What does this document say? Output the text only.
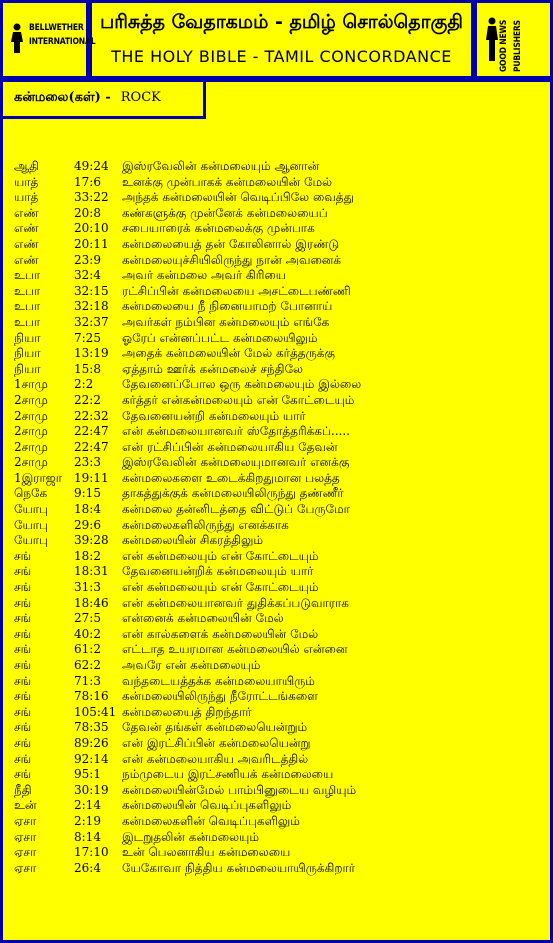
BELLWETHER
INTERNATIONAL
பரிசுத்த வேதாகமம் - தமிழ் சொல்தொகுதி
THE HOLY BIBLE - TAMIL CONCORDANCE	GOOD NEWS PUBLISHERS
கன்மலை(கள்) - ROCK
ஆதி	49:24	இஸ்ரவேலின் கன்மலையும் ஆனான்
யாத்	17:6	உனக்கு முன்பாகக் கன்மலையின் மேல்
யாத்	33:22	அந்தக் கன்மலையின் வெடிப்பிலே வைத்து
எண்	20:8	கண்களுக்கு முன்னேக் கன்மலையைப்
எண்	20:10	சபையாரைக் கன்மலைக்கு முன்பாக
எண்	20:11	கன்மலையைத் தன் கோலினால் இரண்டு
எண்	23:9	கன்மலையுச்சியிலிருந்து நான் அவனைக்
உபா	32:4	அவர் கன்மலை அவர் கிரியை
உபா	32:15	ரட்சிப்பின் கன்மலையை அசட்டைபண்ணி
உபா	32:18	கன்மலையை நீ நினையாமற் போனாய்
உபா	32:37	அவர்கள் நம்பின கன்மலையும் எங்கே
நியா	7:25	ஓரேப் என்னப்பட்ட கன்மலையிலும்
நியா	13:19	அதைக் கன்மலையின் மேல் கர்த்தருக்கு
நியா	15:8	ஏத்தாம் ஊர்க் கன்மலைச் சந்திலே
1சாமு	2:2	தேவனைப்போல ஒரு கன்மலையும் இல்லை
2சாமு	22:2	கர்த்தர் என்கன்மலையும் என் கோட்டையும்
2சாமு	22:32	தேவனையன்றி கன்மலையும் யார்
2சாமு	22:47	என் கன்மலையானவர் ஸ்தோத்தரிக்கப்.....
2சாமு	22:47	என் ரட்சிப்பின் கன்மலையாகிய தேவன்
2சாமு	23:3	இஸ்ரவேலின் கன்மலையுமானவர் எனக்கு
1இராஜா 19:11	கன்மலைகளை உடைக்கிறதுமான பலத்த
நெகே	9:15	தாகத்துக்குக் கன்மலையிலிருந்து தண்ணீர்
யோபு	18:4	கன்மலை தன்னிடத்தை விட்டுப் பேருமோ
யோபு	29:6	கன்மலைகளிலிருந்து எனக்காக
யோபு	39:28	கன்மலையின் சிகரத்திலும்
சங்	18:2	என் கன்மலையும் என் கோட்டையும்
சங்	18:31	தேவனையன்றிக் கன்மலையும் யார்
சங்	31:3	என் கன்மலையும் என் கோட்டையும்
சங்	18:46	என் கன்மலையானவர் துதிக்கப்படுவாராக
சங்	27:5	என்னைக் கன்மலையின் மேல்
சங்	40:2	என் கால்களைக் கன்மலையின் மேல்
சங்	61:2	எட்டாத உயரமான கன்மலையில் என்னை
சங்	62:2	அவரே என் கன்மலையும்
சங்	71:3	வந்தடையத்தக்க கன்மலையாயிரும்
சங்	78:16	கன்மலையிலிருந்து நீரோட்டங்களை
சங்	105:41 கன்மலையைத் திறந்தார்
சங்	78:35	தேவன் தங்கள் கன்மலையென்றும்
சங்	89:26	என் இரட்சிப்பின் கன்மலையென்று
சங்	92:14	என் கன்மலையாகிய அவரிடத்தில்
சங்	95:1	நம்முடைய இரட்சணியக் கன்மலையை
நீதி	30:19	கன்மலையின்மேல் பாம்பினுடைய வழியும்
உன்	2:14	கன்மலையின் வெடிப்புகளிலும்
ஏசா	2:19	கன்மலைகளின் வெடிப்புகளிலும்
ஏசா	8:14	இடறுதலின் கன்மலையும்
ஏசா	17:10	உன் பெலனாகிய கன்மலையை
ஏசா	26:4	யேகோவா நித்திய கன்மலையாயிருக்கிறார்
